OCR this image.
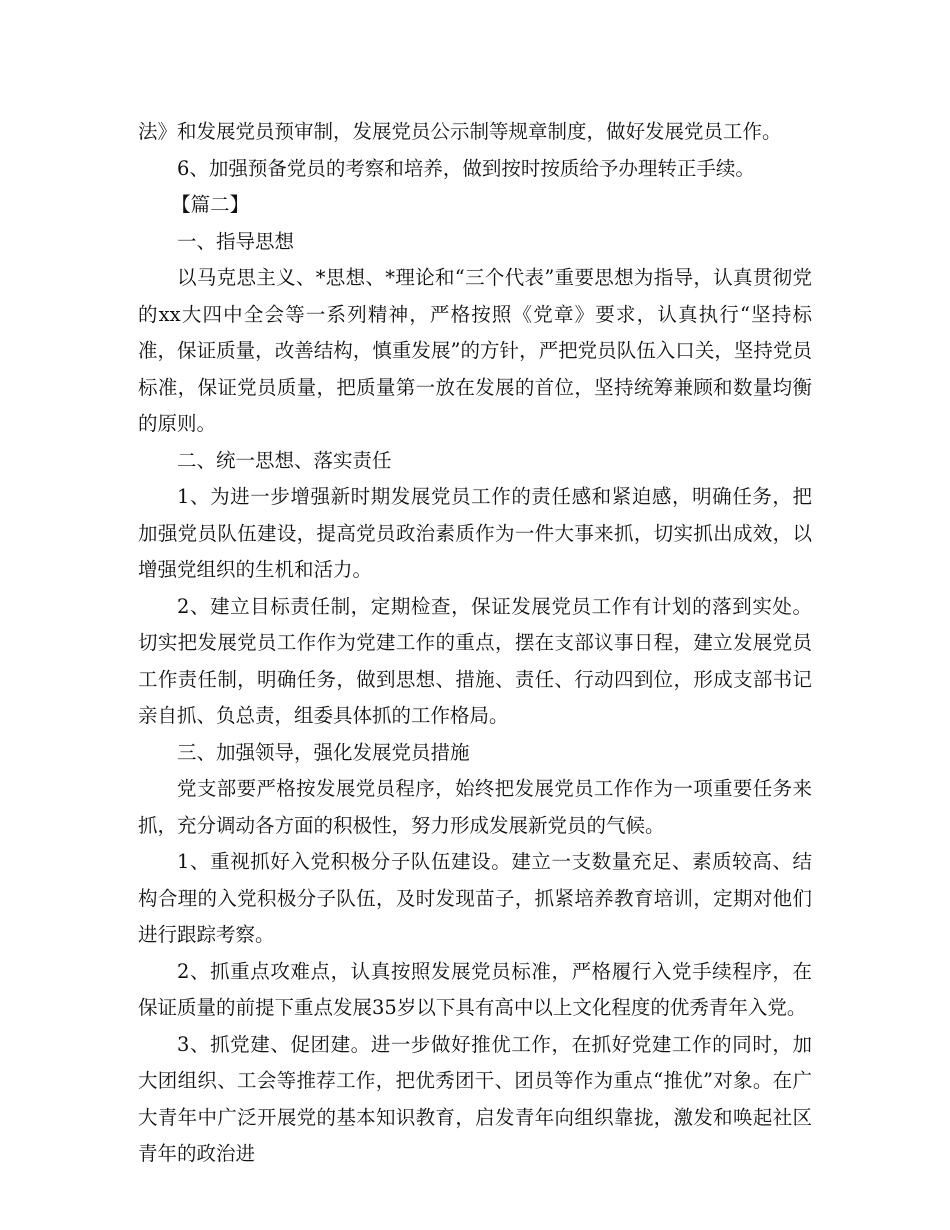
法》和发展党员预审制，发展党员公示制等规章制度，做好发展党员工作。

6、加强预备党员的考察和培养，做到按时按质给予办理转正手续。

【篇二】

一、指导思想

以马克思主义、*思想、*理论和“三个代表”重要思想为指导，认真贯彻党的xx大四中全会等一系列精神，严格按照《党章》要求，认真执行“坚持标准，保证质量，改善结构，慎重发展”的方针，严把党员队伍入口关，坚持党员标准，保证党员质量，把质量第一放在发展的首位，坚持统筹兼顾和数量均衡的原则。

二、统一思想、落实责任

1、为进一步增强新时期发展党员工作的责任感和紧迫感，明确任务，把加强党员队伍建设，提高党员政治素质作为一件大事来抓，切实抓出成效，以增强党组织的生机和活力。

2、建立目标责任制，定期检查，保证发展党员工作有计划的落到实处。切实把发展党员工作作为党建工作的重点，摆在支部议事日程，建立发展党员工作责任制，明确任务，做到思想、措施、责任、行动四到位，形成支部书记亲自抓、负总责，组委具体抓的工作格局。

三、加强领导，强化发展党员措施

党支部要严格按发展党员程序，始终把发展党员工作作为一项重要任务来抓，充分调动各方面的积极性，努力形成发展新党员的气候。

1、重视抓好入党积极分子队伍建设。建立一支数量充足、素质较高、结构合理的入党积极分子队伍，及时发现苗子，抓紧培养教育培训，定期对他们进行跟踪考察。

2、抓重点攻难点，认真按照发展党员标准，严格履行入党手续程序，在保证质量的前提下重点发展35岁以下具有高中以上文化程度的优秀青年入党。

3、抓党建、促团建。进一步做好推优工作，在抓好党建工作的同时，加大团组织、工会等推荐工作，把优秀团干、团员等作为重点“推优”对象。在广大青年中广泛开展党的基本知识教育，启发青年向组织靠拢，激发和唤起社区青年的政治进
